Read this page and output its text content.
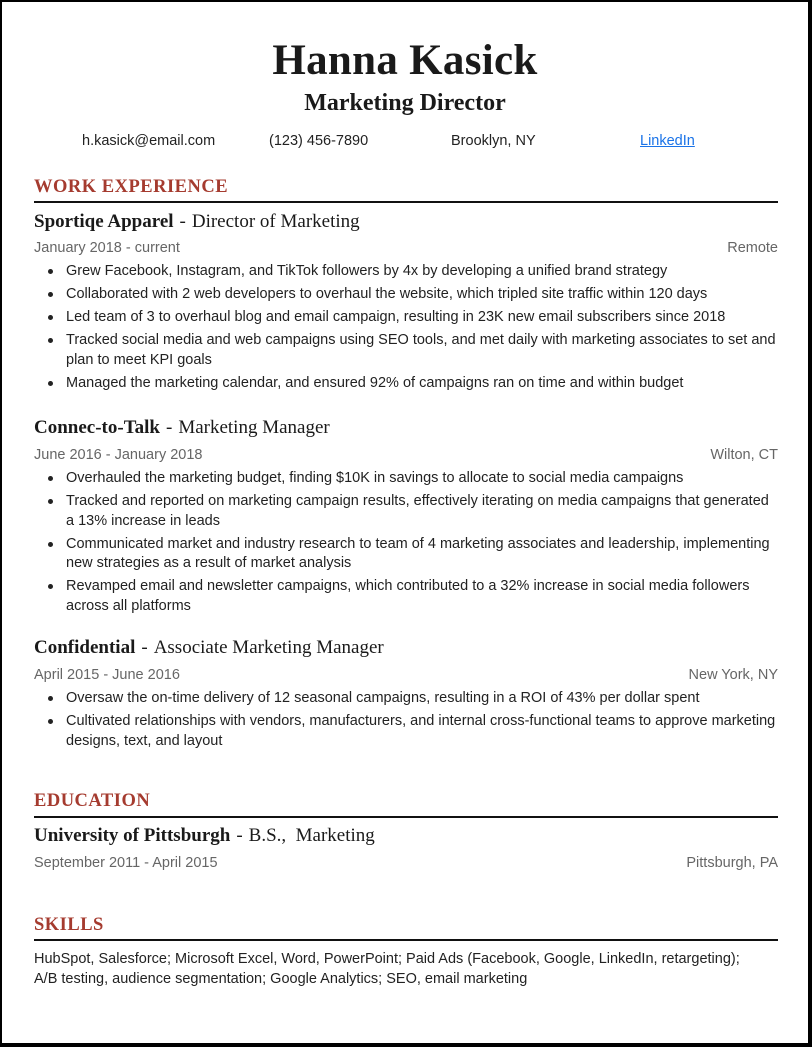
Hanna Kasick
Marketing Director
h.kasick@email.com	(123) 456-7890	Brooklyn, NY	LinkedIn
WORK EXPERIENCE
Sportiqe Apparel - Director of Marketing
January 2018 - current	Remote
Grew Facebook, Instagram, and TikTok followers by 4x by developing a unified brand strategy
Collaborated with 2 web developers to overhaul the website, which tripled site traffic within 120 days
Led team of 3 to overhaul blog and email campaign, resulting in 23K new email subscribers since 2018
Tracked social media and web campaigns using SEO tools, and met daily with marketing associates to set and plan to meet KPI goals
Managed the marketing calendar, and ensured 92% of campaigns ran on time and within budget
Connec-to-Talk - Marketing Manager
June 2016 - January 2018	Wilton, CT
Overhauled the marketing budget, finding $10K in savings to allocate to social media campaigns
Tracked and reported on marketing campaign results, effectively iterating on media campaigns that generated a 13% increase in leads
Communicated market and industry research to team of 4 marketing associates and leadership, implementing new strategies as a result of market analysis
Revamped email and newsletter campaigns, which contributed to a 32% increase in social media followers across all platforms
Confidential - Associate Marketing Manager
April 2015 - June 2016	New York, NY
Oversaw the on-time delivery of 12 seasonal campaigns, resulting in a ROI of 43% per dollar spent
Cultivated relationships with vendors, manufacturers, and internal cross-functional teams to approve marketing designs, text, and layout
EDUCATION
University of Pittsburgh - B.S.,  Marketing
September 2011 - April 2015	Pittsburgh, PA
SKILLS
HubSpot, Salesforce; Microsoft Excel, Word, PowerPoint; Paid Ads (Facebook, Google, LinkedIn, retargeting); A/B testing, audience segmentation; Google Analytics; SEO, email marketing
